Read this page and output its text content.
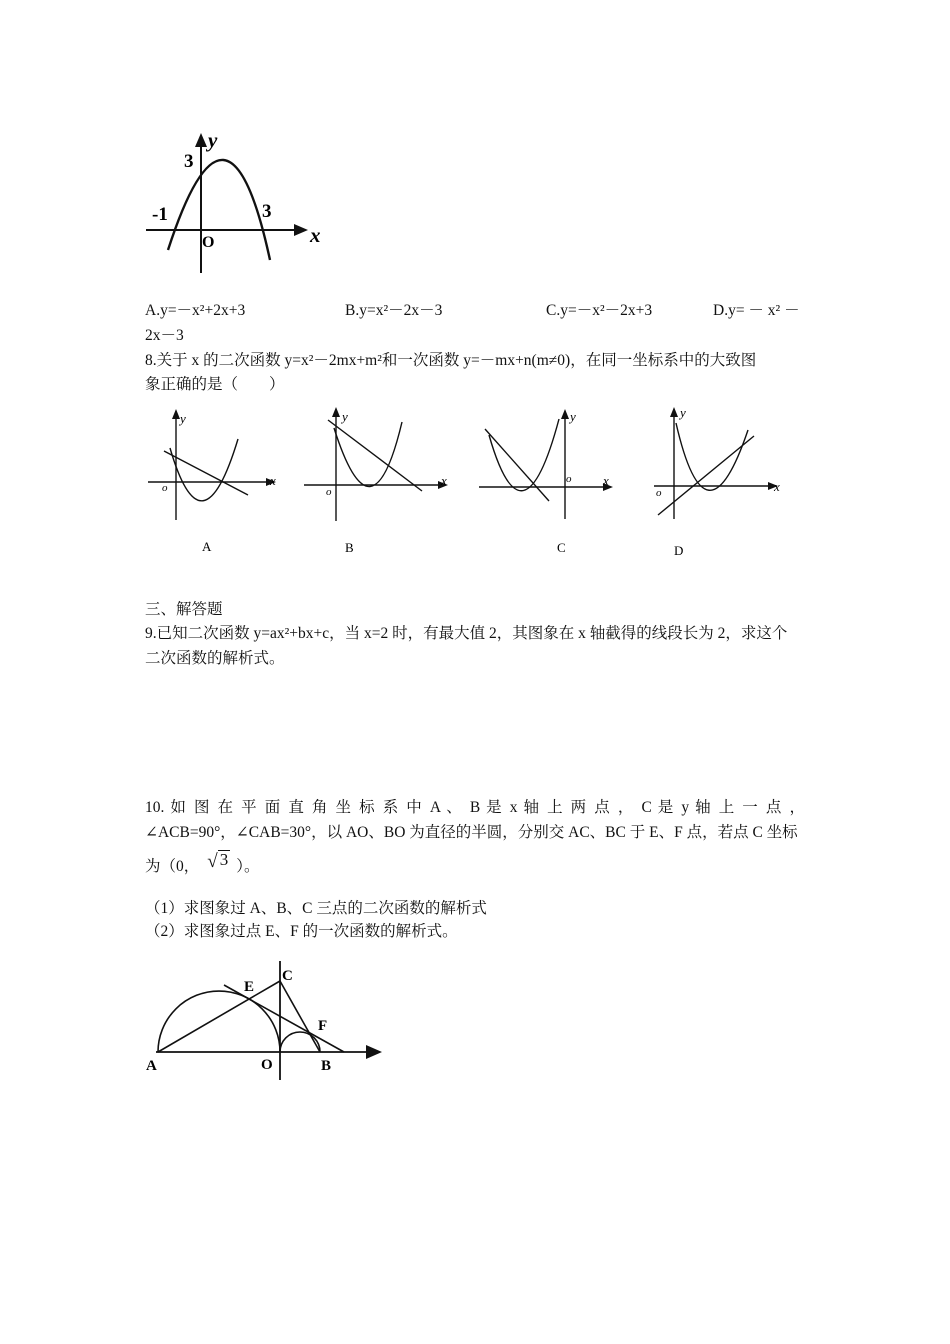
y
x
3
-1	3
O
A.y=－x²+2x+3	B.y=x²－2x－3	C.y=－x²－2x+3	D.y= － x² －
2x－3
8.关于 x 的二次函数 y=x²－2mx+m²和一次函数 y=－mx+n(m≠0)，在同一坐标系中的大致图
象正确的是（　　）
y
x
o
A
y
x
o
B
y
x
o
C
y
x
o
D
三、解答题
9.已知二次函数 y=ax²+bx+c，当 x=2 时，有最大值 2，其图象在 x 轴截得的线段长为 2，求这个
二次函数的解析式。
10. 如 图 在 平 面 直 角 坐 标 系 中 A 、 B 是 x 轴 上 两 点 ， C 是 y 轴 上 一 点 ，
∠ACB=90°，∠CAB=30°，以 AO、BO 为直径的半圆，分别交 AC、BC 于 E、F 点，若点 C 坐标
为（0， √ 3 ）。
（1）求图象过 A、B、C 三点的二次函数的解析式
（2）求图象过点 E、F 的一次函数的解析式。
A	O	B
C
E
F
